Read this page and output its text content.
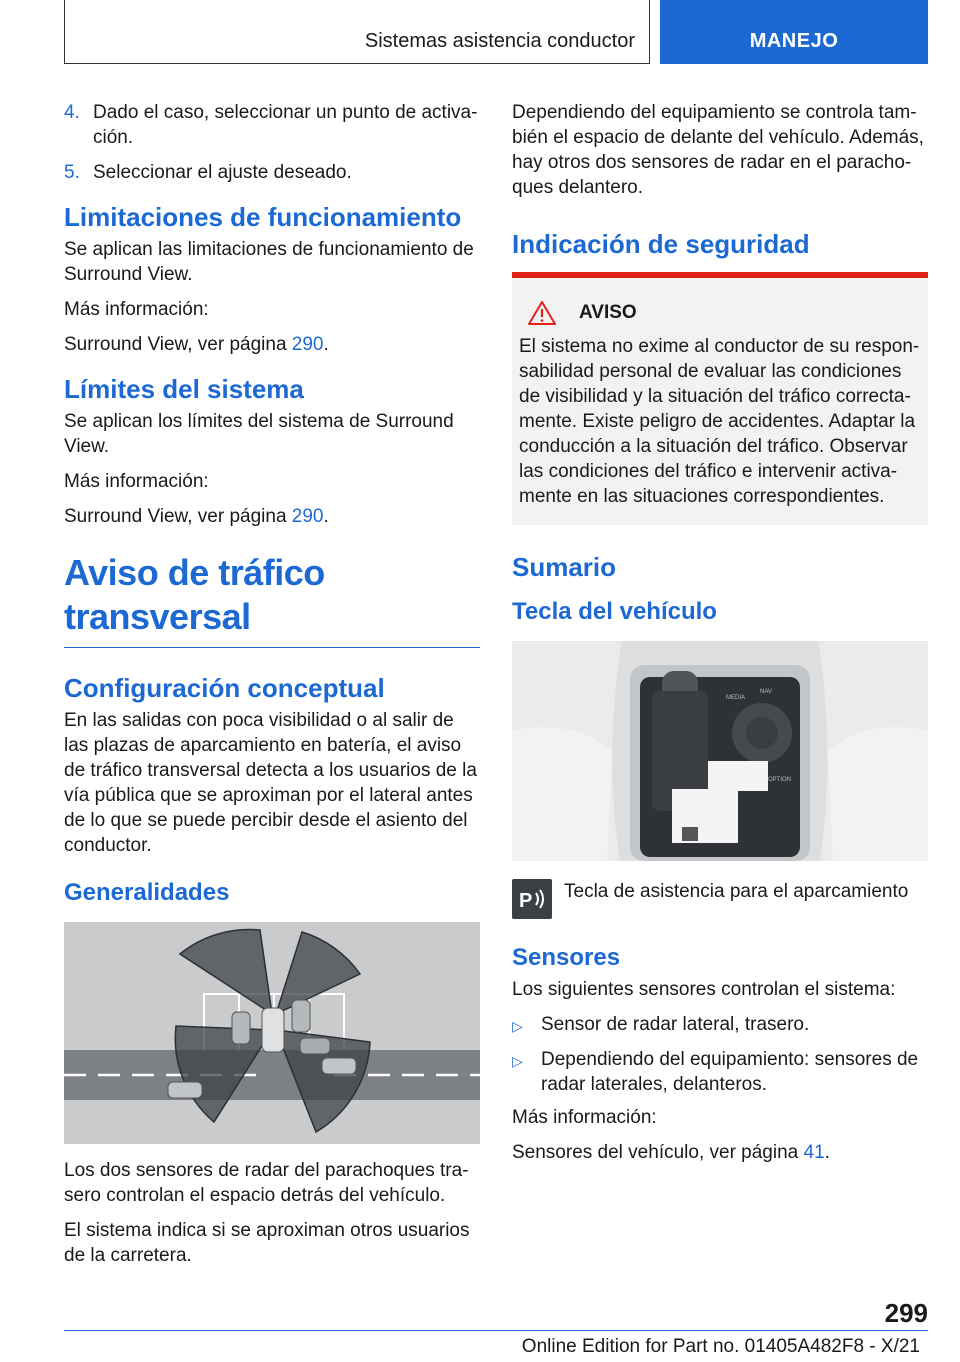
Sistemas asistencia conductor	MANEJO
4. Dado el caso, seleccionar un punto de activa‐ción.
5. Seleccionar el ajuste deseado.
Limitaciones de funcionamiento

Se aplican las limitaciones de funcionamiento de Surround View.

Más información:

Surround View, ver página 290.

Límites del sistema

Se aplican los límites del sistema de Surround View.

Más información:

Surround View, ver página 290.

Aviso de tráfico transversal
Configuración conceptual

En las salidas con poca visibilidad o al salir de las plazas de aparcamiento en batería, el aviso de tráfico transversal detecta a los usuarios de la vía pública que se aproximan por el lateral antes de lo que se puede percibir desde el asiento del conductor.

Generalidades

Los dos sensores de radar del parachoques tra‐sero controlan el espacio detrás del vehículo.

El sistema indica si se aproximan otros usuarios de la carretera.

Dependiendo del equipamiento se controla tam‐bién el espacio de delante del vehículo. Además, hay otros dos sensores de radar en el paracho‐ques delantero.

Indicación de seguridad
AVISO

El sistema no exime al conductor de su respon‐sabilidad personal de evaluar las condiciones de visibilidad y la situación del tráfico correcta‐mente. Existe peligro de accidentes. Adaptar la conducción a la situación del tráfico. Observar las condiciones del tráfico e intervenir activa‐mente en las situaciones correspondientes.

Sumario
Tecla del vehículo
MEDIA
NAV
OPTION
P Tecla de asistencia para el aparcamiento
Sensores

Los siguientes sensores controlan el sistema:

▷ Sensor de radar lateral, trasero.
▷ Dependiendo del equipamiento: sensores de radar laterales, delanteros.

Más información:

Sensores del vehículo, ver página 41.

299
Online Edition for Part no. 01405A482F8 - X/21
